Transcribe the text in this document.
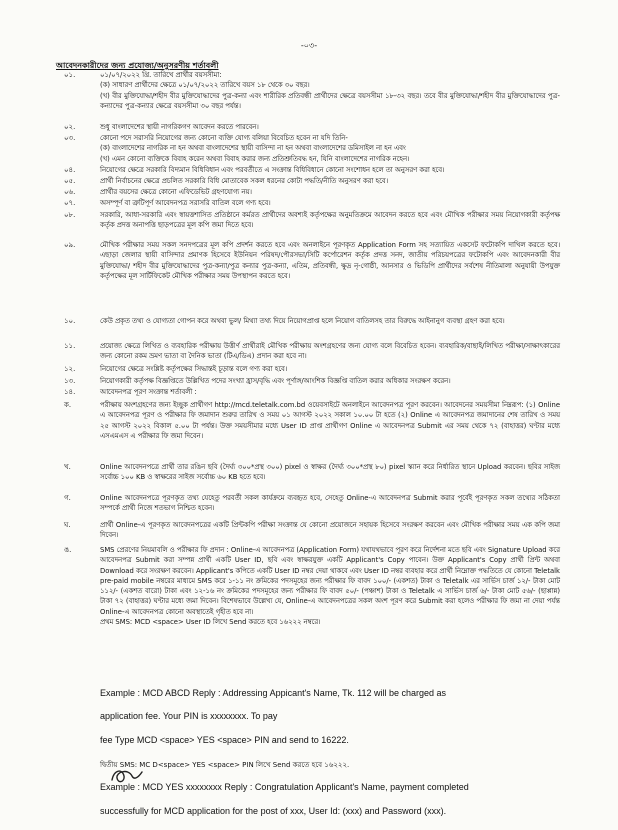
-০৩-
আবেদনকারীদের জন্য প্রযোজ্য/অনুসরণীয় শর্তাবলী
০১.	০১/০৭/২০২২ খ্রি. তারিখে প্রার্থীর বয়সসীমা:
(ক) সাধারণ প্রার্থীদের ক্ষেত্রে ০১/০৭/২০২২ তারিখে বয়স ১৮ থেকে ৩০ বছর।
(খ) বীর মুক্তিযোদ্ধা/শহীদ বীর মুক্তিযোদ্ধাদের পুত্র-কন্যা এবং শারীরিক প্রতিবন্ধী প্রার্থীদের ক্ষেত্রে বয়সসীমা ১৮-৩২ বছর। তবে বীর মুক্তিযোদ্ধা/শহীদ বীর মুক্তিযোদ্ধাদের পুত্র-কন্যাদের পুত্র-কন্যার ক্ষেত্রে বয়সসীমা ৩০ বছর পর্যন্ত।
০২.	শুধু বাংলাদেশের স্থায়ী নাগরিকগণ আবেদন করতে পারবেন।
০৩.	কোনো পদে সরাসরি নিয়োগের জন্য কোনো ব্যক্তি যোগ্য বলিয়া বিবেচিত হবেন না যদি তিনি-
(ক) বাংলাদেশের নাগরিক না হন অথবা বাংলাদেশের স্থায়ী বাসিন্দা না হন অথবা বাংলাদেশের ডমিসাইল না হন এবং
(খ) এমন কোনো ব্যক্তিকে বিবাহ করেন অথবা বিবাহ করার জন্য প্রতিশ্রুতিবদ্ধ হন, যিনি বাংলাদেশের নাগরিক নহেন।
০৪.	নিয়োগের ক্ষেত্রে সরকারি বিদ্যমান বিধিবিধান এবং পরবর্তীতে এ সংক্রান্ত বিধিবিধানে কোনো সংশোধন হলে তা অনুসরণ করা হবে।
০৫.	প্রার্থী নির্বাচনের ক্ষেত্রে প্রচলিত সরকারি বিধি মোতাবেক সকল ধরনের কোটা পদ্ধতি/নীতি অনুসরণ করা হবে।
০৬.	প্রার্থীর বয়সের ক্ষেত্রে কোনো এফিডেভিট গ্রহণযোগ্য নয়।
০৭.	অসম্পূর্ণ বা ত্রুটিপূর্ণ আবেদনপত্র সরাসরি বাতিল বলে গণ্য হবে।
০৮.	সরকারি, আধা-সরকারি এবং স্বায়ত্তশাসিত প্রতিষ্ঠানে কর্মরত প্রার্থীদের অবশ্যই কর্তৃপক্ষের অনুমতিক্রমে আবেদন করতে হবে এবং মৌখিক পরীক্ষার সময় নিয়োগকারী কর্তৃপক্ষ কর্তৃক প্রদত্ত অনাপত্তি ছাড়পত্রের মূল কপি জমা দিতে হবে।
০৯.	মৌখিক পরীক্ষার সময় সকল সনদপত্রের মূল কপি প্রদর্শন করতে হবে এবং অনলাইনে পূরণকৃত Application Form সহ সত্যায়িত একসেট ফটোকপি দাখিল করতে হবে। এছাড়া জেলার স্থায়ী বাসিন্দার প্রমাণক হিসেবে ইউনিয়ন পরিষদ/পৌরসভা/সিটি কর্পোরেশন কর্তৃক প্রদত্ত সনদ, জাতীয় পরিচয়পত্রের ফটোকপি এবং আবেদনকারী বীর মুক্তিযোদ্ধা/ শহীদ বীর মুক্তিযোদ্ধাদের পুত্র-কন্যা/পুত্র কন্যার পুত্র-কন্যা, এতিম, প্রতিবন্ধী, ক্ষুদ্র নৃ-গোষ্ঠী, আনসার ও ভিডিপি প্রার্থীদের সর্বশেষ নীতিমালা অনুযায়ী উপযুক্ত কর্তৃপক্ষের মূল সার্টিফিকেট মৌখিক পরীক্ষার সময় উপস্থাপন করতে হবে।
১০.	কেউ প্রকৃত তথ্য ও যোগ্যতা গোপন করে অথবা ভুল/ মিথ্যা তথ্য দিয়ে নিয়োগপ্রাপ্ত হলে নিয়োগ বাতিলসহ তার বিরুদ্ধে আইনানুগ ব্যবস্থা গ্রহণ করা হবে।
১১.	প্রয়োজ্য ক্ষেত্রে লিখিত ও ব্যবহারিক পরীক্ষায় উত্তীর্ণ প্রার্থীরাই মৌখিক পরীক্ষায় অংশগ্রহণের জন্য যোগ্য বলে বিবেচিত হবেন। ব্যবহারিক/বাছাই/লিখিত পরীক্ষা/সাক্ষাৎকারের জন্য কোনো রকম ভ্রমণ ভাতা বা দৈনিক ভাতা (টিএ/ডিএ) প্রদান করা হবে না।
১২.	নিয়োগের ক্ষেত্রে সংশ্লিষ্ট কর্তৃপক্ষের সিদ্ধান্তই চূড়ান্ত বলে গণ্য করা হবে।
১৩.	নিয়োগকারী কর্তৃপক্ষ বিজ্ঞপ্তিতে উল্লিখিত পদের সংখ্যা হ্রাস/বৃদ্ধি এবং পূর্ণাঙ্গ/আংশিক বিজ্ঞপ্তি বাতিল করার অধিকার সংরক্ষণ করেন।
১৪.	আবেদনপত্র পূরণ সংক্রান্ত শর্তাবলী :
ক.	পরীক্ষায় অংশগ্রহণের জন্য ইচ্ছুক প্রার্থীগণ http://mcd.teletalk.com.bd ওয়েবসাইটে অনলাইনে আবেদনপত্র পূরণ করবেন। আবেদনের সময়সীমা নিম্নরূপ: (১) Online এ আবেদনপত্র পূরণ ও পরীক্ষার ফি জমাদান শুরুর তারিখ ও সময় ০১ আগস্ট ২০২২ সকাল ১০.০০ টা হতে (২) Online এ আবেদনপত্র জমাদানের শেষ তারিখ ও সময় ২৫ আগস্ট ২০২২ বিকাল ৫.০০ টা পর্যন্ত। উক্ত সময়সীমার মধ্যে User ID প্রাপ্ত প্রার্থীগণ Online এ আবেদনপত্র Submit এর সময় থেকে ৭২ (বাহাত্তর) ঘণ্টার মধ্যে এসএমএস এ পরীক্ষার ফি জমা দিবেন।
খ.	Online আবেদনপত্রে প্রার্থী তার রঙিন ছবি (দৈর্ঘ্য ৩০০*প্রস্থ ৩০০) pixel ও স্বাক্ষর (দৈর্ঘ্য ৩০০*প্রস্থ ৮০) pixel স্ক্যান করে নির্ধারিত স্থানে Upload করবেন। ছবির সাইজ সর্বোচ্চ ১০০ KB ও স্বাক্ষরের সাইজ সর্বোচ্চ ৬০ KB হতে হবে।
গ.	Online আবেদনপত্রে পূরণকৃত তথ্য যেহেতু পরবর্তী সকল কার্যক্রমে ব্যবহৃত হবে, সেহেতু Online-এ আবেদনপত্র Submit করার পূর্বেই পূরণকৃত সকল তথ্যের সঠিকতা সম্পর্কে প্রার্থী নিজে শতভাগ নিশ্চিত হবেন।
ঘ.	প্রার্থী Online-এ পূরণকৃত আবেদনপত্রের একটি প্রিন্টকপি পরীক্ষা সংক্রান্ত যে কোনো প্রয়োজনে সহায়ক হিসেবে সংরক্ষণ করবেন এবং মৌখিক পরীক্ষার সময় এক কপি জমা দিবেন।
ঙ.	SMS প্রেরণের নিয়মাবলি ও পরীক্ষার ফি প্রদান : Online-এ আবেদনপত্র (Application Form) যথাযথভাবে পূরণ করে নির্দেশনা মতে ছবি এবং Signature Upload করে আবেদনপত্র Submit করা সম্পন্ন প্রার্থী একটি User ID, ছবি এবং স্বাক্ষরযুক্ত একটি Applicant's Copy পাবেন। উক্ত Applicant's Copy প্রার্থী প্রিন্ট অথবা Download করে সংরক্ষণ করবেন। Applicant's কপিতে একটি User ID নম্বর দেয়া থাকবে এবং User ID নম্বর ব্যবহার করে প্রার্থী নিম্নোক্ত পদ্ধতিতে যে কোনো Teletalk pre-paid mobile নম্বরের মাধ্যমে SMS করে ১-১১ নং ক্রমিকের পদসমূহের জন্য পরীক্ষার ফি বাবদ ১০০/- (একশত) টাকা ও Teletalk এর সার্ভিস চার্জ ১২/- টাকা মোট ১১২/- (একশত বারো) টাকা এবং ১২-১৬ নং ক্রমিকের পদসমূহের জন্য পরীক্ষার ফি বাবদ ৫০/- (পঞ্চাশ) টাকা ও Teletalk এ সার্ভিস চার্জ ৬/- টাকা মোট ৫৬/- (ছাপ্পান্ন) টাকা ৭২ (বাহাত্তর) ঘণ্টার মধ্যে জমা দিবেন। বিশেষভাবে উল্লেখ্য যে, Online-এ আবেদনপত্রের সকল অংশ পূরণ করে Submit করা হলেও পরীক্ষার ফি জমা না দেয়া পর্যন্ত Online-এ আবেদনপত্র কোনো অবস্থাতেই গৃহীত হবে না।
প্রথম SMS: MCD <space> User ID লিখে Send করতে হবে ১৬২২২ নম্বরে।

Example : MCD ABCD Reply : Addressing Appicant's Name, Tk. 112 will be charged as

application fee. Your PIN is xxxxxxxx. To pay

fee Type MCD <space> YES <space> PIN and send to 16222.

দ্বিতীয় SMS: MC D<space> YES <space> PIN লিখে Send করতে হবে ১৬২২২.

Example : MCD YES xxxxxxxx Reply : Congratulation Applicant's Name, payment completed

successfully for MCD application for the post of xxx, User Id: (xxx) and Password (xxx).
